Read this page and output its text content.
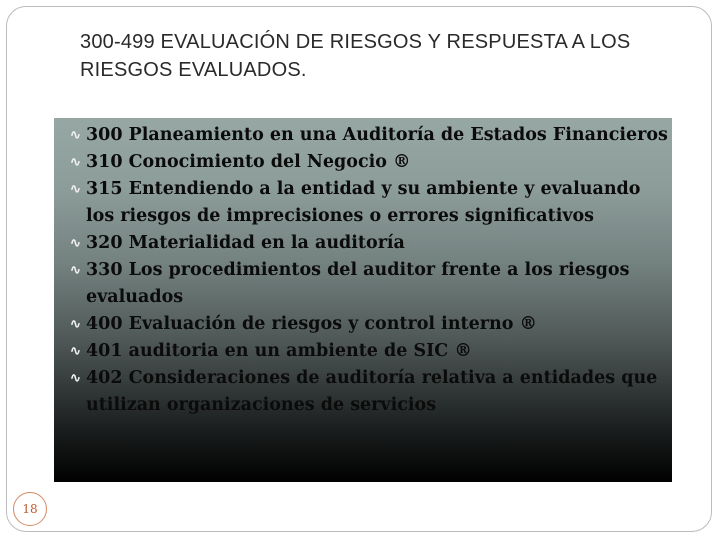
300-499 EVALUACIÓN DE RIESGOS Y RESPUESTA A LOS RIESGOS EVALUADOS.
∿ 300 Planeamiento en una Auditoría de Estados Financieros
∿ 310 Conocimiento del Negocio ®
∿ 315 Entendiendo a la entidad y su ambiente y evaluando los riesgos de imprecisiones o errores significativos
∿ 320 Materialidad en la auditoría
∿ 330 Los procedimientos del auditor frente a los riesgos evaluados
∿ 400 Evaluación de riesgos y control interno ®
∿ 401 auditoria en un ambiente de SIC ®
∿ 402 Consideraciones de auditoría relativa a entidades que utilizan organizaciones de servicios
18
